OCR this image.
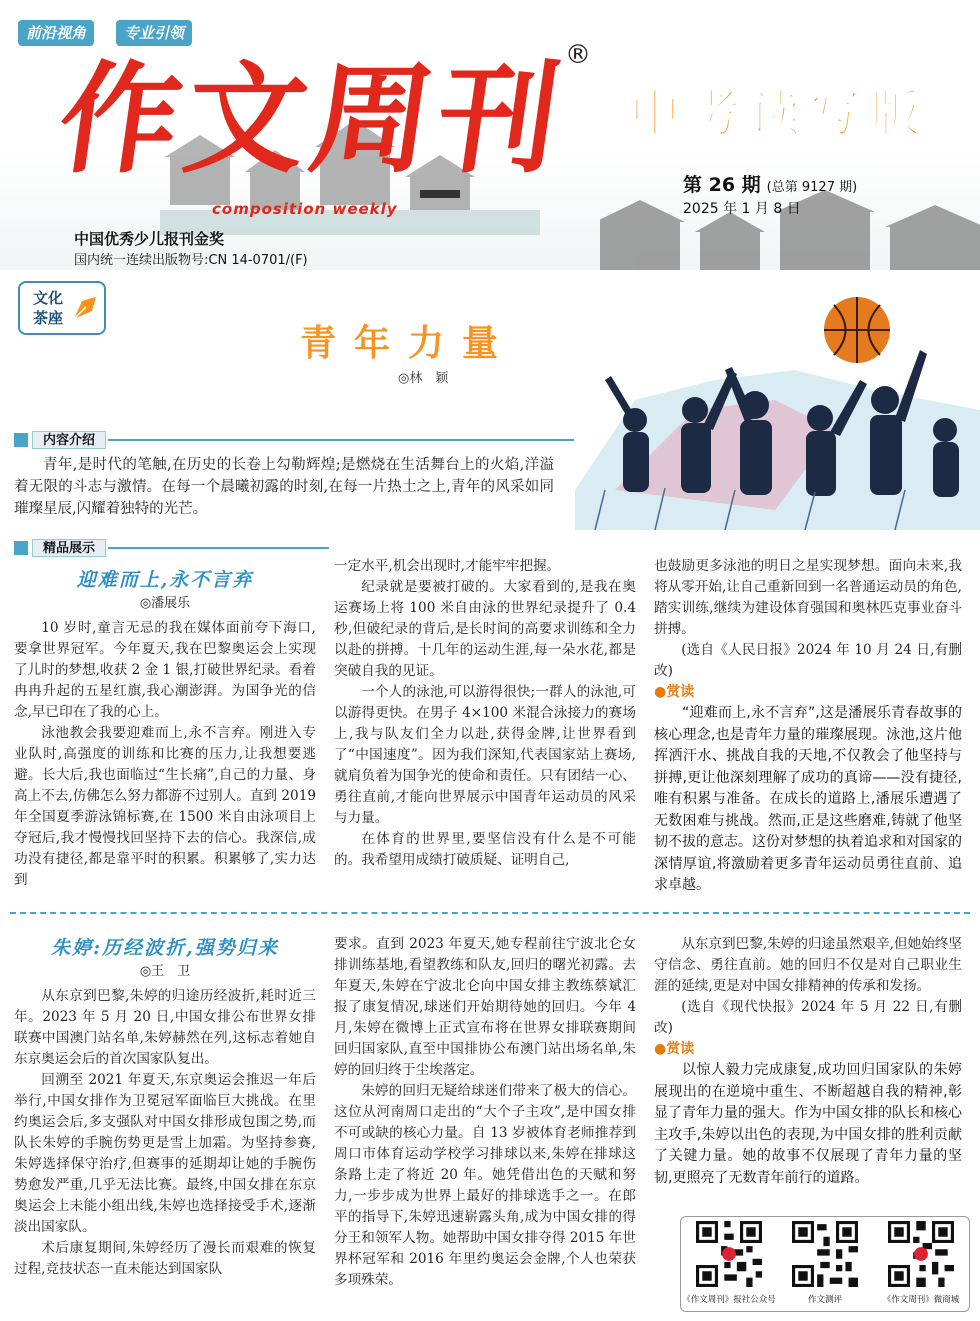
前沿视角	专业引领
作文周刊
®
composition weekly
中国优秀少儿报刊金奖
国内统一连续出版物号:CN 14-0701/(F)
中 考 读 写 版
第 26 期 (总第 9127 期)
2025 年 1 月 8 日
文化
茶座
青年力量
◎林　颖
内容介绍
青年,是时代的笔触,在历史的长卷上勾勒辉煌;是燃烧在生活舞台上的火焰,洋溢着无限的斗志与激情。在每一个晨曦初露的时刻,在每一片热土之上,青年的风采如同璀璨星辰,闪耀着独特的光芒。
精品展示
迎难而上,永不言弃
◎潘展乐

10 岁时,童言无忌的我在媒体面前夸下海口,要拿世界冠军。今年夏天,我在巴黎奥运会上实现了儿时的梦想,收获 2 金 1 银,打破世界纪录。看着冉冉升起的五星红旗,我心潮澎湃。为国争光的信念,早已印在了我的心上。

泳池教会我要迎难而上,永不言弃。刚进入专业队时,高强度的训练和比赛的压力,让我想要逃避。长大后,我也面临过“生长痛”,自己的力量、身高上不去,仿佛怎么努力都游不过别人。直到 2019 年全国夏季游泳锦标赛,在 1500 米自由泳项目上夺冠后,我才慢慢找回坚持下去的信心。我深信,成功没有捷径,都是靠平时的积累。积累够了,实力达到

一定水平,机会出现时,才能牢牢把握。

纪录就是要被打破的。大家看到的,是我在奥运赛场上将 100 米自由泳的世界纪录提升了 0.4 秒,但破纪录的背后,是长时间的高要求训练和全力以赴的拼搏。十几年的运动生涯,每一朵水花,都是突破自我的见证。

一个人的泳池,可以游得很快;一群人的泳池,可以游得更快。在男子 4×100 米混合泳接力的赛场上,我与队友们全力以赴,获得金牌,让世界看到了“中国速度”。因为我们深知,代表国家站上赛场,就肩负着为国争光的使命和责任。只有团结一心、勇往直前,才能向世界展示中国青年运动员的风采与力量。

在体育的世界里,要坚信没有什么是不可能的。我希望用成绩打破质疑、证明自己,

也鼓励更多泳池的明日之星实现梦想。面向未来,我将从零开始,让自己重新回到一名普通运动员的角色,踏实训练,继续为建设体育强国和奥林匹克事业奋斗拼搏。

(选自《人民日报》2024 年 10 月 24 日,有删改)

●赏读

“迎难而上,永不言弃”,这是潘展乐青春故事的核心理念,也是青年力量的璀璨展现。泳池,这片他挥洒汗水、挑战自我的天地,不仅教会了他坚持与拼搏,更让他深刻理解了成功的真谛——没有捷径,唯有积累与准备。在成长的道路上,潘展乐遭遇了无数困难与挑战。然而,正是这些磨难,铸就了他坚韧不拔的意志。这份对梦想的执着追求和对国家的深情厚谊,将激励着更多青年运动员勇往直前、追求卓越。

朱婷:历经波折,强势归来
◎王　卫

从东京到巴黎,朱婷的归途历经波折,耗时近三年。2023 年 5 月 20 日,中国女排公布世界女排联赛中国澳门站名单,朱婷赫然在列,这标志着她自东京奥运会后的首次国家队复出。

回溯至 2021 年夏天,东京奥运会推迟一年后举行,中国女排作为卫冕冠军面临巨大挑战。在里约奥运会后,多支强队对中国女排形成包围之势,而队长朱婷的手腕伤势更是雪上加霜。为坚持参赛,朱婷选择保守治疗,但赛事的延期却让她的手腕伤势愈发严重,几乎无法比赛。最终,中国女排在东京奥运会上未能小组出线,朱婷也选择接受手术,逐渐淡出国家队。

术后康复期间,朱婷经历了漫长而艰难的恢复过程,竞技状态一直未能达到国家队

要求。直到 2023 年夏天,她专程前往宁波北仑女排训练基地,看望教练和队友,回归的曙光初露。去年夏天,朱婷在宁波北仑向中国女排主教练蔡斌汇报了康复情况,球迷们开始期待她的回归。今年 4 月,朱婷在微博上正式宣布将在世界女排联赛期间回归国家队,直至中国排协公布澳门站出场名单,朱婷的回归终于尘埃落定。

朱婷的回归无疑给球迷们带来了极大的信心。这位从河南周口走出的“大个子主攻”,是中国女排不可或缺的核心力量。自 13 岁被体育老师推荐到周口市体育运动学校学习排球以来,朱婷在排球这条路上走了将近 20 年。她凭借出色的天赋和努力,一步步成为世界上最好的排球选手之一。在郎平的指导下,朱婷迅速崭露头角,成为中国女排的得分王和领军人物。她帮助中国女排夺得 2015 年世界杯冠军和 2016 年里约奥运会金牌,个人也荣获多项殊荣。

从东京到巴黎,朱婷的归途虽然艰辛,但她始终坚守信念、勇往直前。她的回归不仅是对自己职业生涯的延续,更是对中国女排精神的传承和发扬。

(选自《现代快报》2024 年 5 月 22 日,有删改)

●赏读

以惊人毅力完成康复,成功回归国家队的朱婷展现出的在逆境中重生、不断超越自我的精神,彰显了青年力量的强大。作为中国女排的队长和核心主攻手,朱婷以出色的表现,为中国女排的胜利贡献了关键力量。她的故事不仅展现了青年力量的坚韧,更照亮了无数青年前行的道路。

《作文周刊》报社公众号	作文测评	《作文周刊》微商城
